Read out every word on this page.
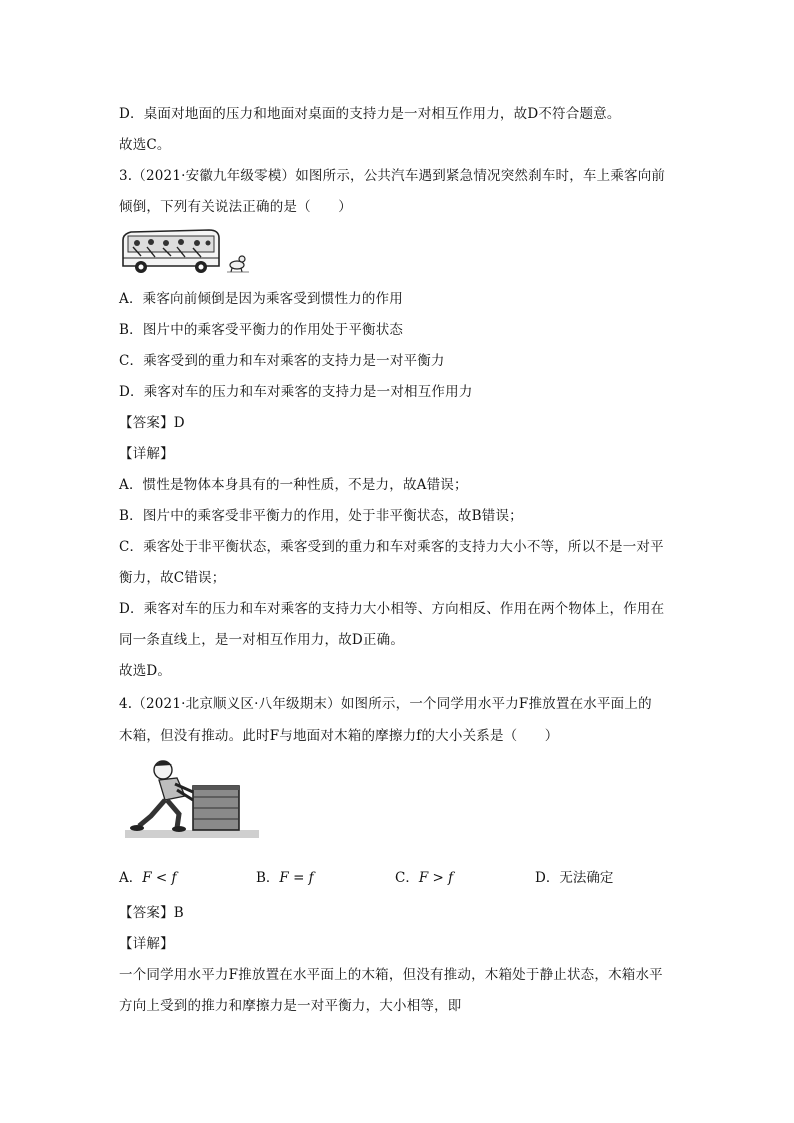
D．桌面对地面的压力和地面对桌面的支持力是一对相互作用力，故D不符合题意。
故选C。
3.（2021·安徽九年级零模）如图所示，公共汽车遇到紧急情况突然刹车时，车上乘客向前
倾倒，下列有关说法正确的是（　　）
A．乘客向前倾倒是因为乘客受到惯性力的作用
B．图片中的乘客受平衡力的作用处于平衡状态
C．乘客受到的重力和车对乘客的支持力是一对平衡力
D．乘客对车的压力和车对乘客的支持力是一对相互作用力
【答案】D
【详解】
A．惯性是物体本身具有的一种性质，不是力，故A错误；
B．图片中的乘客受非平衡力的作用，处于非平衡状态，故B错误；
C．乘客处于非平衡状态，乘客受到的重力和车对乘客的支持力大小不等，所以不是一对平
衡力，故C错误；
D．乘客对车的压力和车对乘客的支持力大小相等、方向相反、作用在两个物体上，作用在
同一条直线上，是一对相互作用力，故D正确。
故选D。
4.（2021·北京顺义区·八年级期末）如图所示，一个同学用水平力F推放置在水平面上的
木箱，但没有推动。此时F与地面对木箱的摩擦力f的大小关系是（　　）
A．F < f	B．F = f	C．F > f	D．无法确定
【答案】B
【详解】
一个同学用水平力F推放置在水平面上的木箱，但没有推动，木箱处于静止状态，木箱水平
方向上受到的推力和摩擦力是一对平衡力，大小相等，即
